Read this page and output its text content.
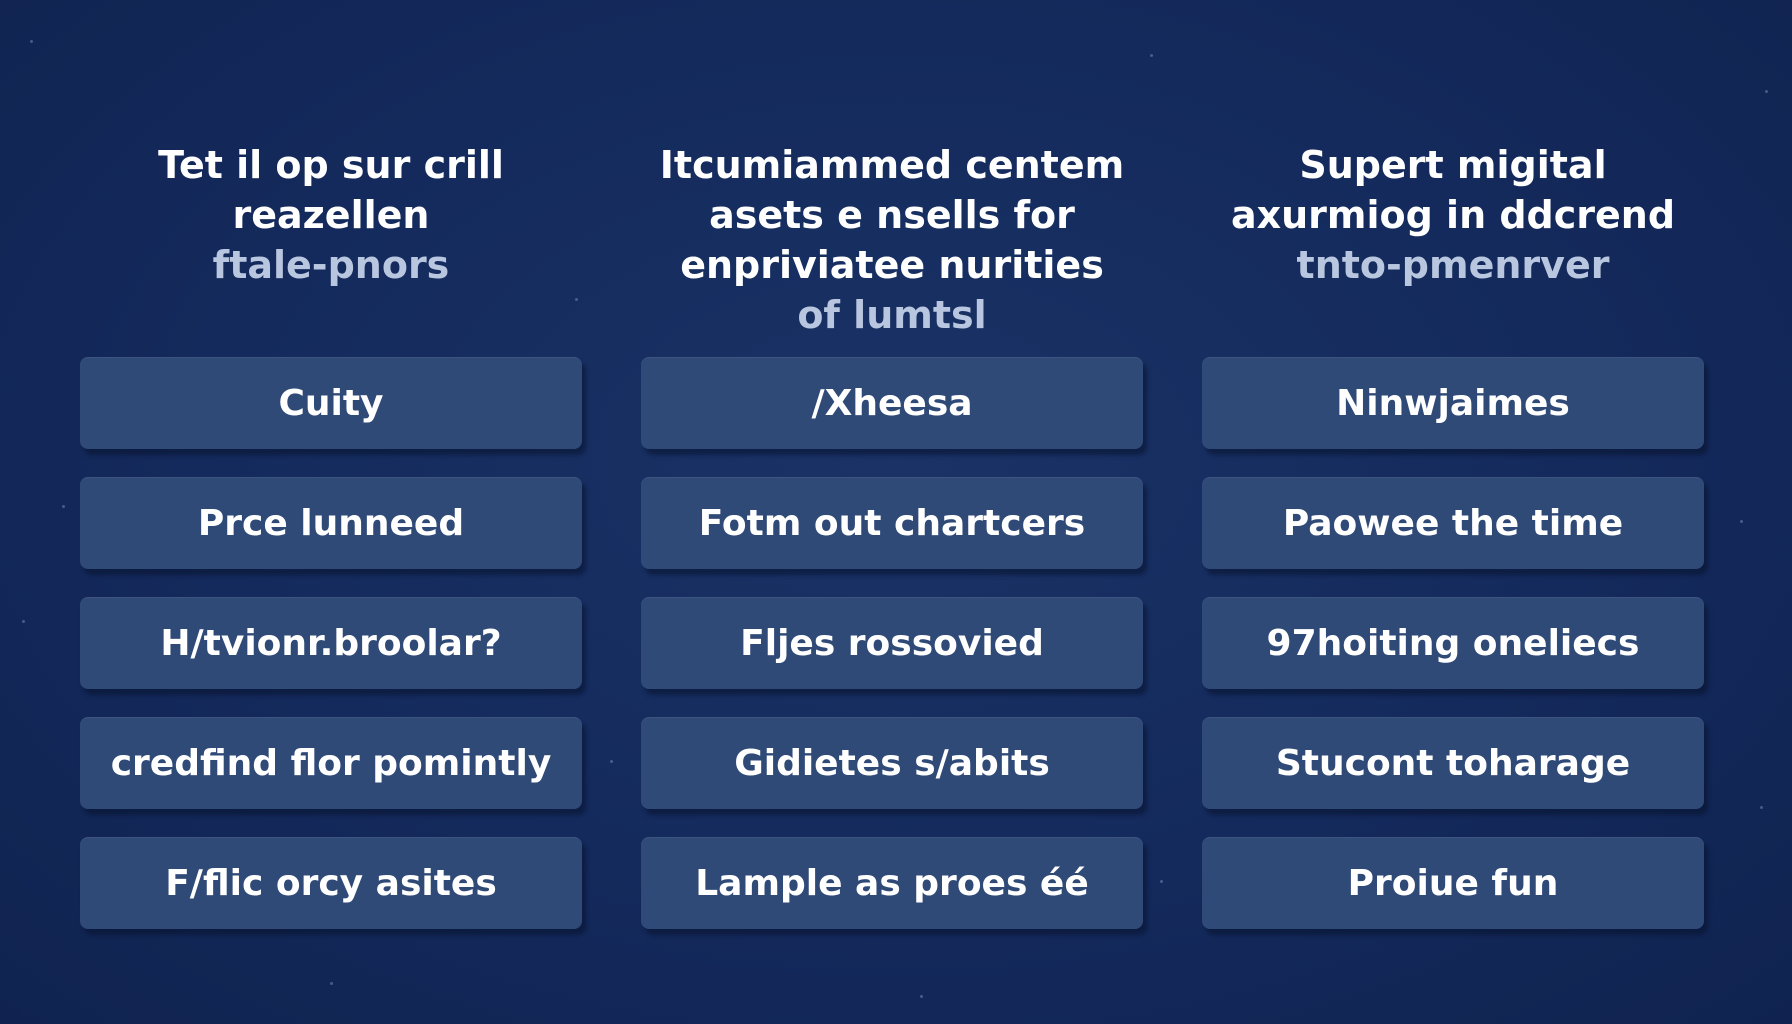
Tet il op sur crill
reazellen
ftale-pnors
Cuity
Prce lunneed
H/tvionr.broolar?
credfind flor pomintly
F/flic orcy asites
Itcumiammed centem
asets e nsells for
enpriviatee nurities
of lumtsl
/Xheesa
Fotm out chartcers
Fljes rossovied
Gidietes s/abits
Lample as proes éé
Supert migital
axurmiog in ddcrend
tnto-pmenrver
Ninwjaimes
Paowee the time
97hoiting oneliecs
Stucont toharage
Proiue fun
